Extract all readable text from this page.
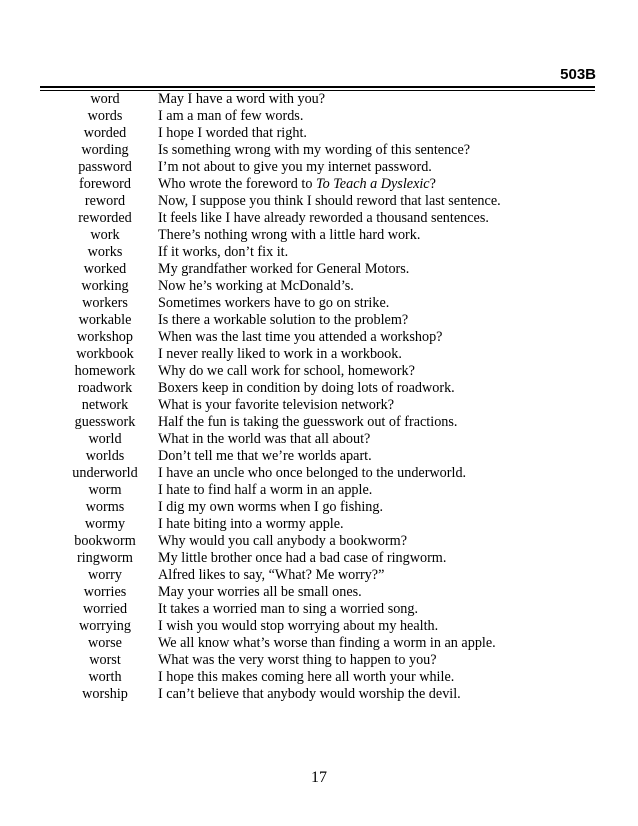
503B
word	May I have a word with you?
words	I am a man of few words.
worded	I hope I worded that right.
wording	Is something wrong with my wording of this sentence?
password	I’m not about to give you my internet password.
foreword	Who wrote the foreword to To Teach a Dyslexic?
reword	Now, I suppose you think I should reword that last sentence.
reworded	It feels like I have already reworded a thousand sentences.
work	There’s nothing wrong with a little hard work.
works	If it works, don’t fix it.
worked	My grandfather worked for General Motors.
working	Now he’s working at McDonald’s.
workers	Sometimes workers have to go on strike.
workable	Is there a workable solution to the problem?
workshop	When was the last time you attended a workshop?
workbook	I never really liked to work in a workbook.
homework	Why do we call work for school, homework?
roadwork	Boxers keep in condition by doing lots of roadwork.
network	What is your favorite television network?
guesswork	Half the fun is taking the guesswork out of fractions.
world	What in the world was that all about?
worlds	Don’t tell me that we’re worlds apart.
underworld	I have an uncle who once belonged to the underworld.
worm	I hate to find half a worm in an apple.
worms	I dig my own worms when I go fishing.
wormy	I hate biting into a wormy apple.
bookworm	Why would you call anybody a bookworm?
ringworm	My little brother once had a bad case of ringworm.
worry	Alfred likes to say, “What? Me worry?”
worries	May your worries all be small ones.
worried	It takes a worried man to sing a worried song.
worrying	I wish you would stop worrying about my health.
worse	We all know what’s worse than finding a worm in an apple.
worst	What was the very worst thing to happen to you?
worth	I hope this makes coming here all worth your while.
worship	I can’t believe that anybody would worship the devil.
17
